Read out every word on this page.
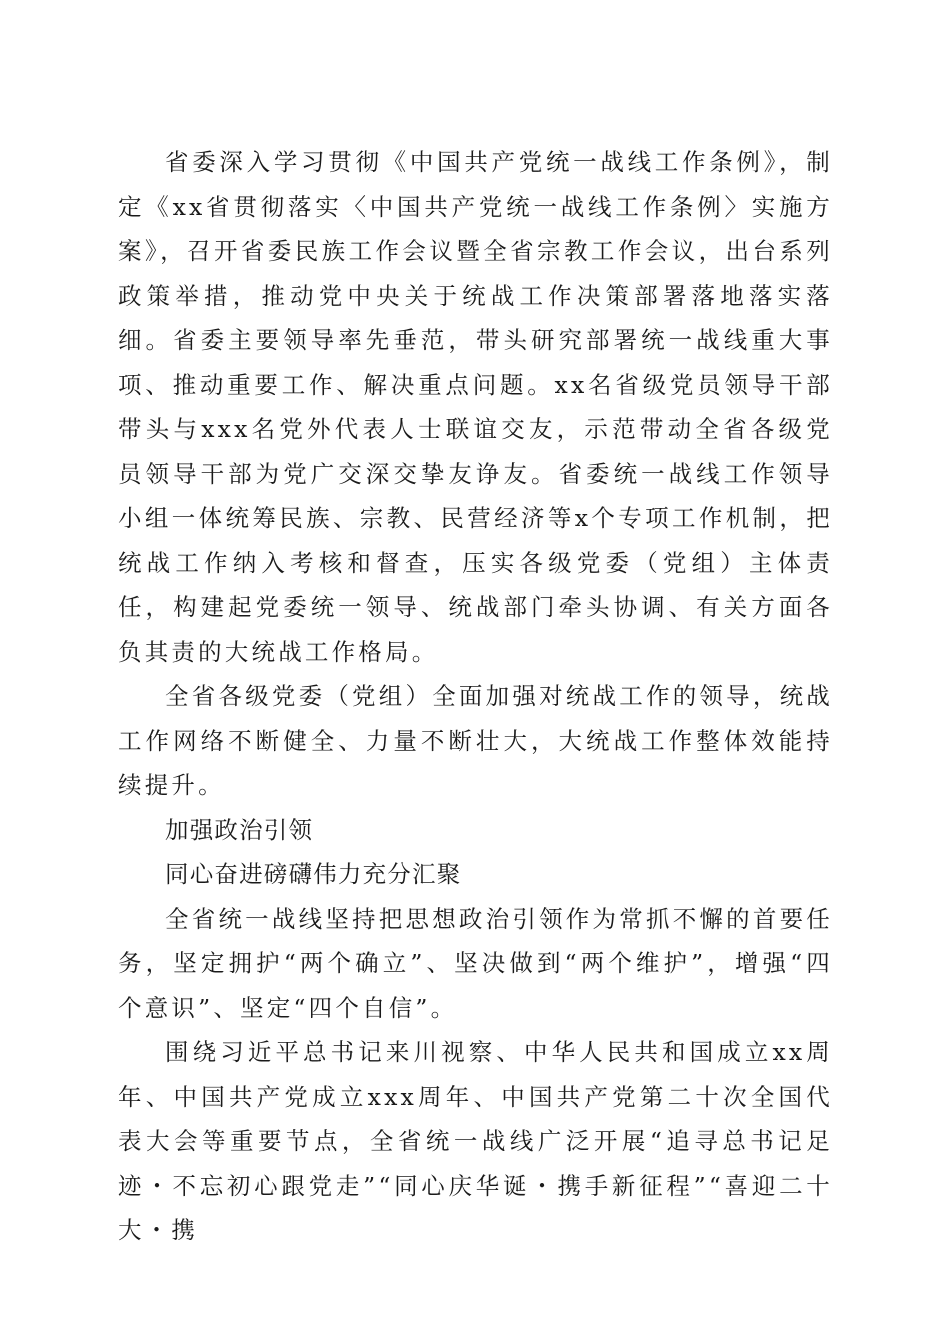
省委深入学习贯彻《中国共产党统一战线工作条例》，制定《xx省贯彻落实〈中国共产党统一战线工作条例〉实施方案》，召开省委民族工作会议暨全省宗教工作会议，出台系列政策举措，推动党中央关于统战工作决策部署落地落实落细。省委主要领导率先垂范，带头研究部署统一战线重大事项、推动重要工作、解决重点问题。xx名省级党员领导干部带头与xxx名党外代表人士联谊交友，示范带动全省各级党员领导干部为党广交深交挚友诤友。省委统一战线工作领导小组一体统筹民族、宗教、民营经济等x个专项工作机制，把统战工作纳入考核和督查，压实各级党委（党组）主体责任，构建起党委统一领导、统战部门牵头协调、有关方面各负其责的大统战工作格局。

全省各级党委（党组）全面加强对统战工作的领导，统战工作网络不断健全、力量不断壮大，大统战工作整体效能持续提升。

加强政治引领

同心奋进磅礴伟力充分汇聚

全省统一战线坚持把思想政治引领作为常抓不懈的首要任务，坚定拥护“两个确立”、坚决做到“两个维护”，增强“四个意识”、坚定“四个自信”。

围绕习近平总书记来川视察、中华人民共和国成立xx周年、中国共产党成立xxx周年、中国共产党第二十次全国代表大会等重要节点，全省统一战线广泛开展“追寻总书记足迹・不忘初心跟党走”“同心庆华诞・携手新征程”“喜迎二十大・携
